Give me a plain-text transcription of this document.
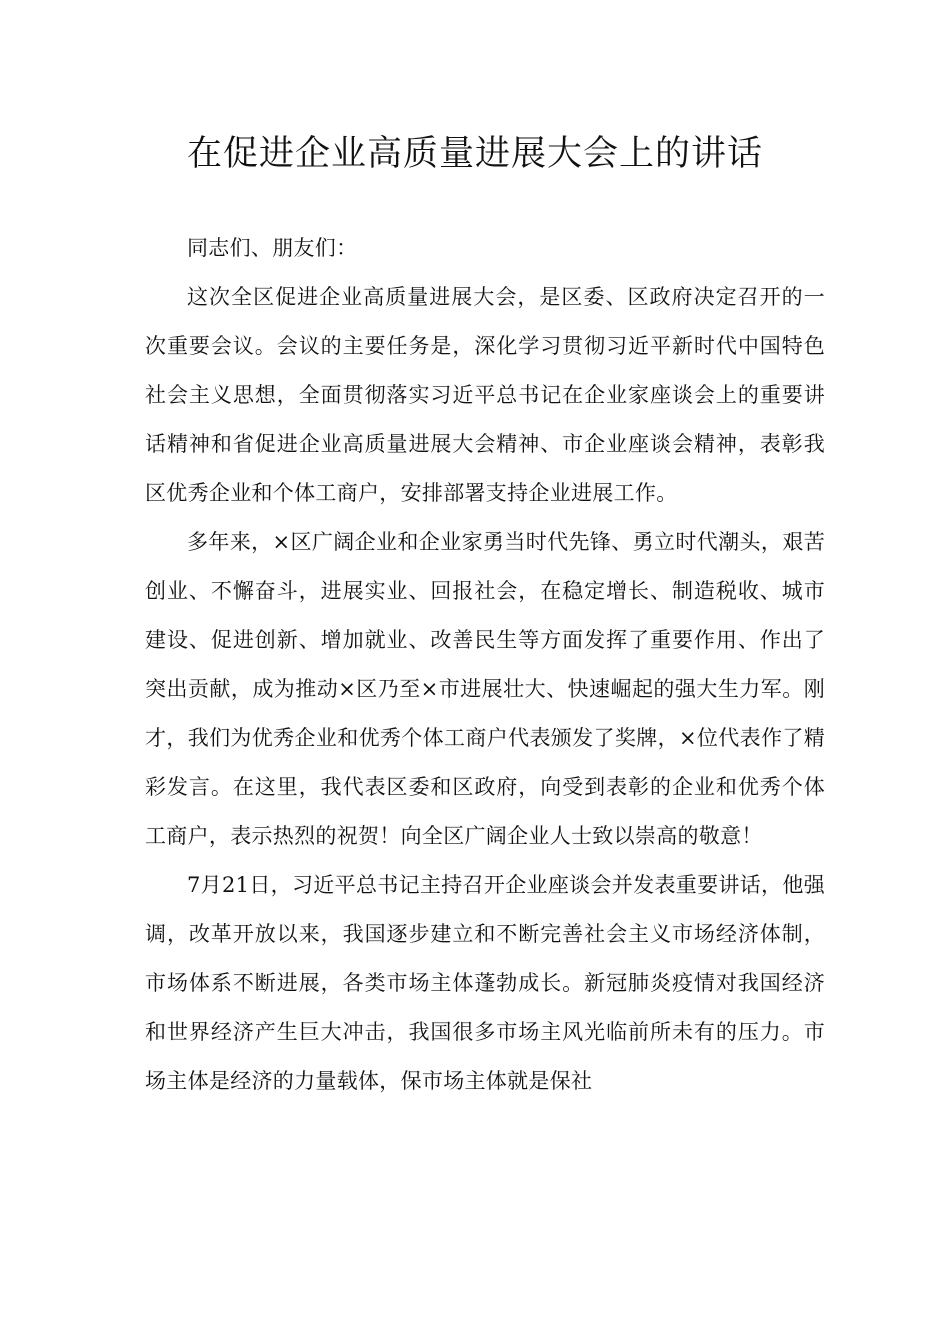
在促进企业高质量进展大会上的讲话

同志们、朋友们：

这次全区促进企业高质量进展大会，是区委、区政府决定召开的一次重要会议。会议的主要任务是，深化学习贯彻习近平新时代中国特色社会主义思想，全面贯彻落实习近平总书记在企业家座谈会上的重要讲话精神和省促进企业高质量进展大会精神、市企业座谈会精神，表彰我区优秀企业和个体工商户，安排部署支持企业进展工作。

多年来，×区广阔企业和企业家勇当时代先锋、勇立时代潮头，艰苦创业、不懈奋斗，进展实业、回报社会，在稳定增长、制造税收、城市建设、促进创新、增加就业、改善民生等方面发挥了重要作用、作出了突出贡献，成为推动×区乃至×市进展壮大、快速崛起的强大生力军。刚才，我们为优秀企业和优秀个体工商户代表颁发了奖牌，×位代表作了精彩发言。在这里，我代表区委和区政府，向受到表彰的企业和优秀个体工商户，表示热烈的祝贺！向全区广阔企业人士致以崇高的敬意！

7月21日，习近平总书记主持召开企业座谈会并发表重要讲话，他强调，改革开放以来，我国逐步建立和不断完善社会主义市场经济体制，市场体系不断进展，各类市场主体蓬勃成长。新冠肺炎疫情对我国经济和世界经济产生巨大冲击，我国很多市场主风光临前所未有的压力。市场主体是经济的力量载体，保市场主体就是保社
